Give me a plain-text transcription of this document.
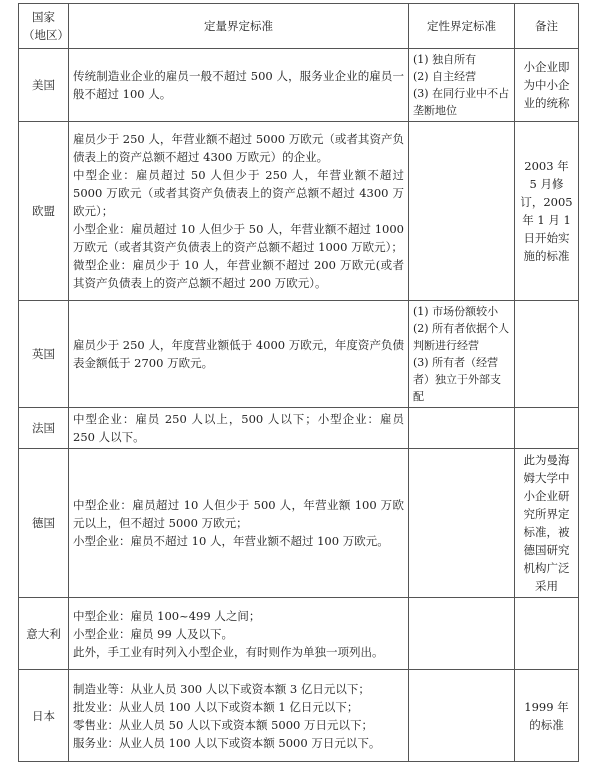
国家（地区）	定量界定标准	定性界定标准	备注
美国	传统制造业企业的雇员一般不超过 500 人，服务业企业的雇员一般不超过 100 人。	(1) 独自所有
(2) 自主经营
(3) 在同行业中不占垄断地位	小企业即为中小企业的统称
欧盟	雇员少于 250 人，年营业额不超过 5000 万欧元（或者其资产负债表上的资产总额不超过 4300 万欧元）的企业。
中型企业：雇员超过 50 人但少于 250 人，年营业额不超过 5000 万欧元（或者其资产负债表上的资产总额不超过 4300 万欧元）；
小型企业：雇员超过 10 人但少于 50 人，年营业额不超过 1000 万欧元（或者其资产负债表上的资产总额不超过 1000 万欧元）；
微型企业：雇员少于 10 人，年营业额不超过 200 万欧元(或者其资产负债表上的资产总额不超过 200 万欧元）。		2003 年 5 月修订，2005 年 1 月 1 日开始实施的标准
英国	雇员少于 250 人，年度营业额低于 4000 万欧元，年度资产负债表金额低于 2700 万欧元。	(1) 市场份额较小
(2) 所有者依据个人判断进行经营
(3) 所有者（经营者）独立于外部支配	

法国	中型企业：雇员 250 人以上，500 人以下；小型企业：雇员 250 人以下。		

德国	中型企业：雇员超过 10 人但少于 500 人，年营业额 100 万欧元以上，但不超过 5000 万欧元；
小型企业：雇员不超过 10 人，年营业额不超过 100 万欧元。		此为曼海姆大学中小企业研究所界定标准，被德国研究机构广泛采用
意大利	中型企业：雇员 100~499 人之间；
小型企业：雇员 99 人及以下。
此外，手工业有时列入小型企业，有时则作为单独一项列出。		

日本	制造业等：从业人员 300 人以下或资本额 3 亿日元以下；
批发业：从业人员 100 人以下或资本额 1 亿日元以下；
零售业：从业人员 50 人以下或资本额 5000 万日元以下；
服务业：从业人员 100 人以下或资本额 5000 万日元以下。		1999 年的标准
